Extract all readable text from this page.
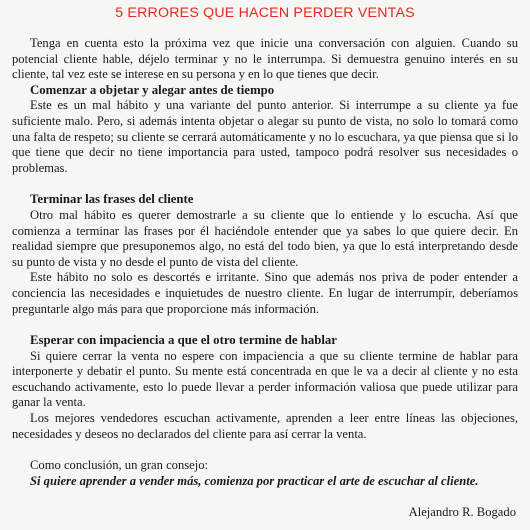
5 ERRORES QUE HACEN PERDER VENTAS

Tenga en cuenta esto la próxima vez que inicie una conversación con alguien. Cuando su potencial cliente hable, déjelo terminar y no le interrumpa. Si demuestra genuino interés en su cliente, tal vez este se interese en su persona y en lo que tienes que decir.

Comenzar a objetar y alegar antes de tiempo

Este es un mal hábito y una variante del punto anterior. Si interrumpe a su cliente ya fue suficiente malo. Pero, si además intenta objetar o alegar su punto de vista, no solo lo tomará como una falta de respeto; su cliente se cerrará automáticamente y no lo escuchara, ya que piensa que si lo que tiene que decir no tiene importancia para usted, tampoco podrá resolver sus necesidades o problemas.

Terminar las frases del cliente

Otro mal hábito es querer demostrarle a su cliente que lo entiende y lo escucha. Así que comienza a terminar las frases por él haciéndole entender que ya sabes lo que quiere decir. En realidad siempre que presuponemos algo, no está del todo bien, ya que lo está interpretando desde su punto de vista y no desde el punto de vista del cliente.

Este hábito no solo es descortés e irritante. Sino que además nos priva de poder entender a conciencia las necesidades e inquietudes de nuestro cliente. En lugar de interrumpir, deberíamos preguntarle algo más para que proporcione más información.

Esperar con impaciencia a que el otro termine de hablar

Si quiere cerrar la venta no espere con impaciencia a que su cliente termine de hablar para interponerte y debatir el punto. Su mente está concentrada en que le va a decir al cliente y no esta escuchando activamente, esto lo puede llevar a perder información valiosa que puede utilizar para ganar la venta.

Los mejores vendedores escuchan activamente, aprenden a leer entre líneas las objeciones, necesidades y deseos no declarados del cliente para así cerrar la venta.

Como conclusión, un gran consejo:
Si quiere aprender a vender más, comienza por practicar el arte de escuchar al cliente.
Alejandro R. Bogado
